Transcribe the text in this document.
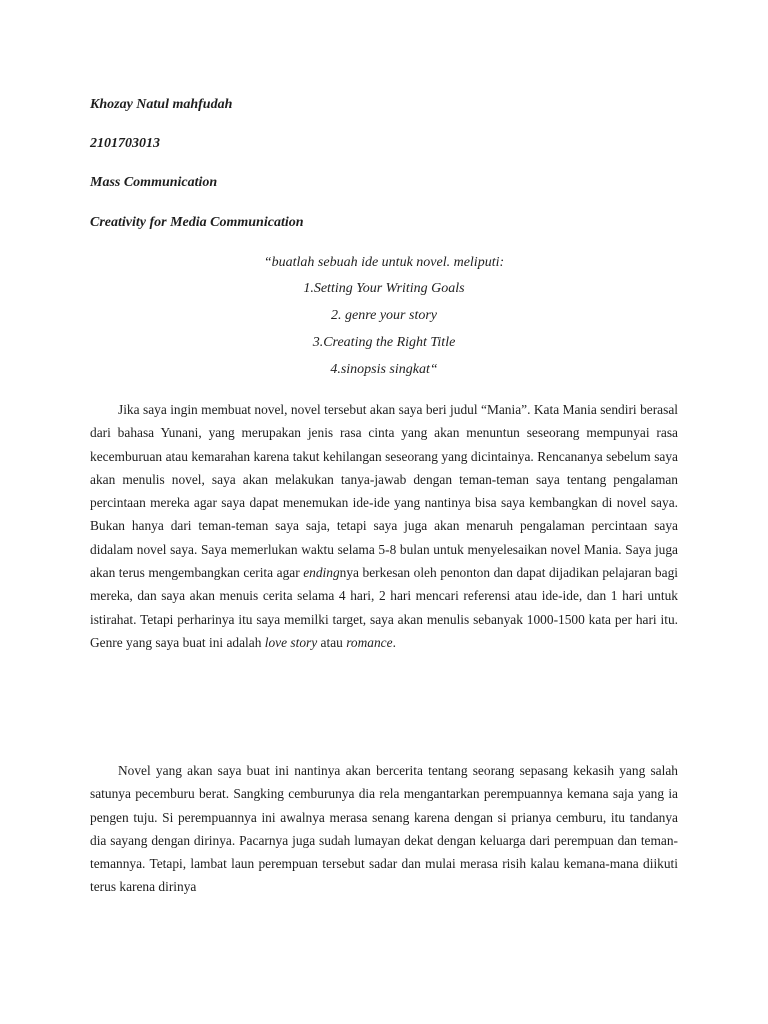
Khozay Natul mahfudah
2101703013
Mass Communication
Creativity for Media Communication
“buatlah sebuah ide untuk novel. meliputi:
1.Setting Your Writing Goals
2. genre your story
3.Creating the Right Title
4.sinopsis singkat“
Jika saya ingin membuat novel, novel tersebut akan saya beri judul “Mania”. Kata Mania sendiri berasal dari bahasa Yunani, yang merupakan jenis rasa cinta yang akan menuntun seseorang mempunyai rasa kecemburuan atau kemarahan karena takut kehilangan seseorang yang dicintainya. Rencananya sebelum saya akan menulis novel, saya akan melakukan tanya-jawab dengan teman-teman saya tentang pengalaman percintaan mereka agar saya dapat menemukan ide-ide yang nantinya bisa saya kembangkan di novel saya. Bukan hanya dari teman-teman saya saja, tetapi saya juga akan menaruh pengalaman percintaan saya didalam novel saya. Saya memerlukan waktu selama 5-8 bulan untuk menyelesaikan novel Mania. Saya juga akan terus mengembangkan cerita agar endingnya berkesan oleh penonton dan dapat dijadikan pelajaran bagi mereka, dan saya akan menuis cerita selama 4 hari, 2 hari mencari referensi atau ide-ide, dan 1 hari untuk istirahat. Tetapi perharinya itu saya memilki target, saya akan menulis sebanyak 1000-1500 kata per hari itu. Genre yang saya buat ini adalah love story atau romance.
Novel yang akan saya buat ini nantinya akan bercerita tentang seorang sepasang kekasih yang salah satunya pecemburu berat. Sangking cemburunya dia rela mengantarkan perempuannya kemana saja yang ia pengen tuju. Si perempuannya ini awalnya merasa senang karena dengan si prianya cemburu, itu tandanya dia sayang dengan dirinya. Pacarnya juga sudah lumayan dekat dengan keluarga dari perempuan dan teman-temannya. Tetapi, lambat laun perempuan tersebut sadar dan mulai merasa risih kalau kemana-mana diikuti terus karena dirinya
